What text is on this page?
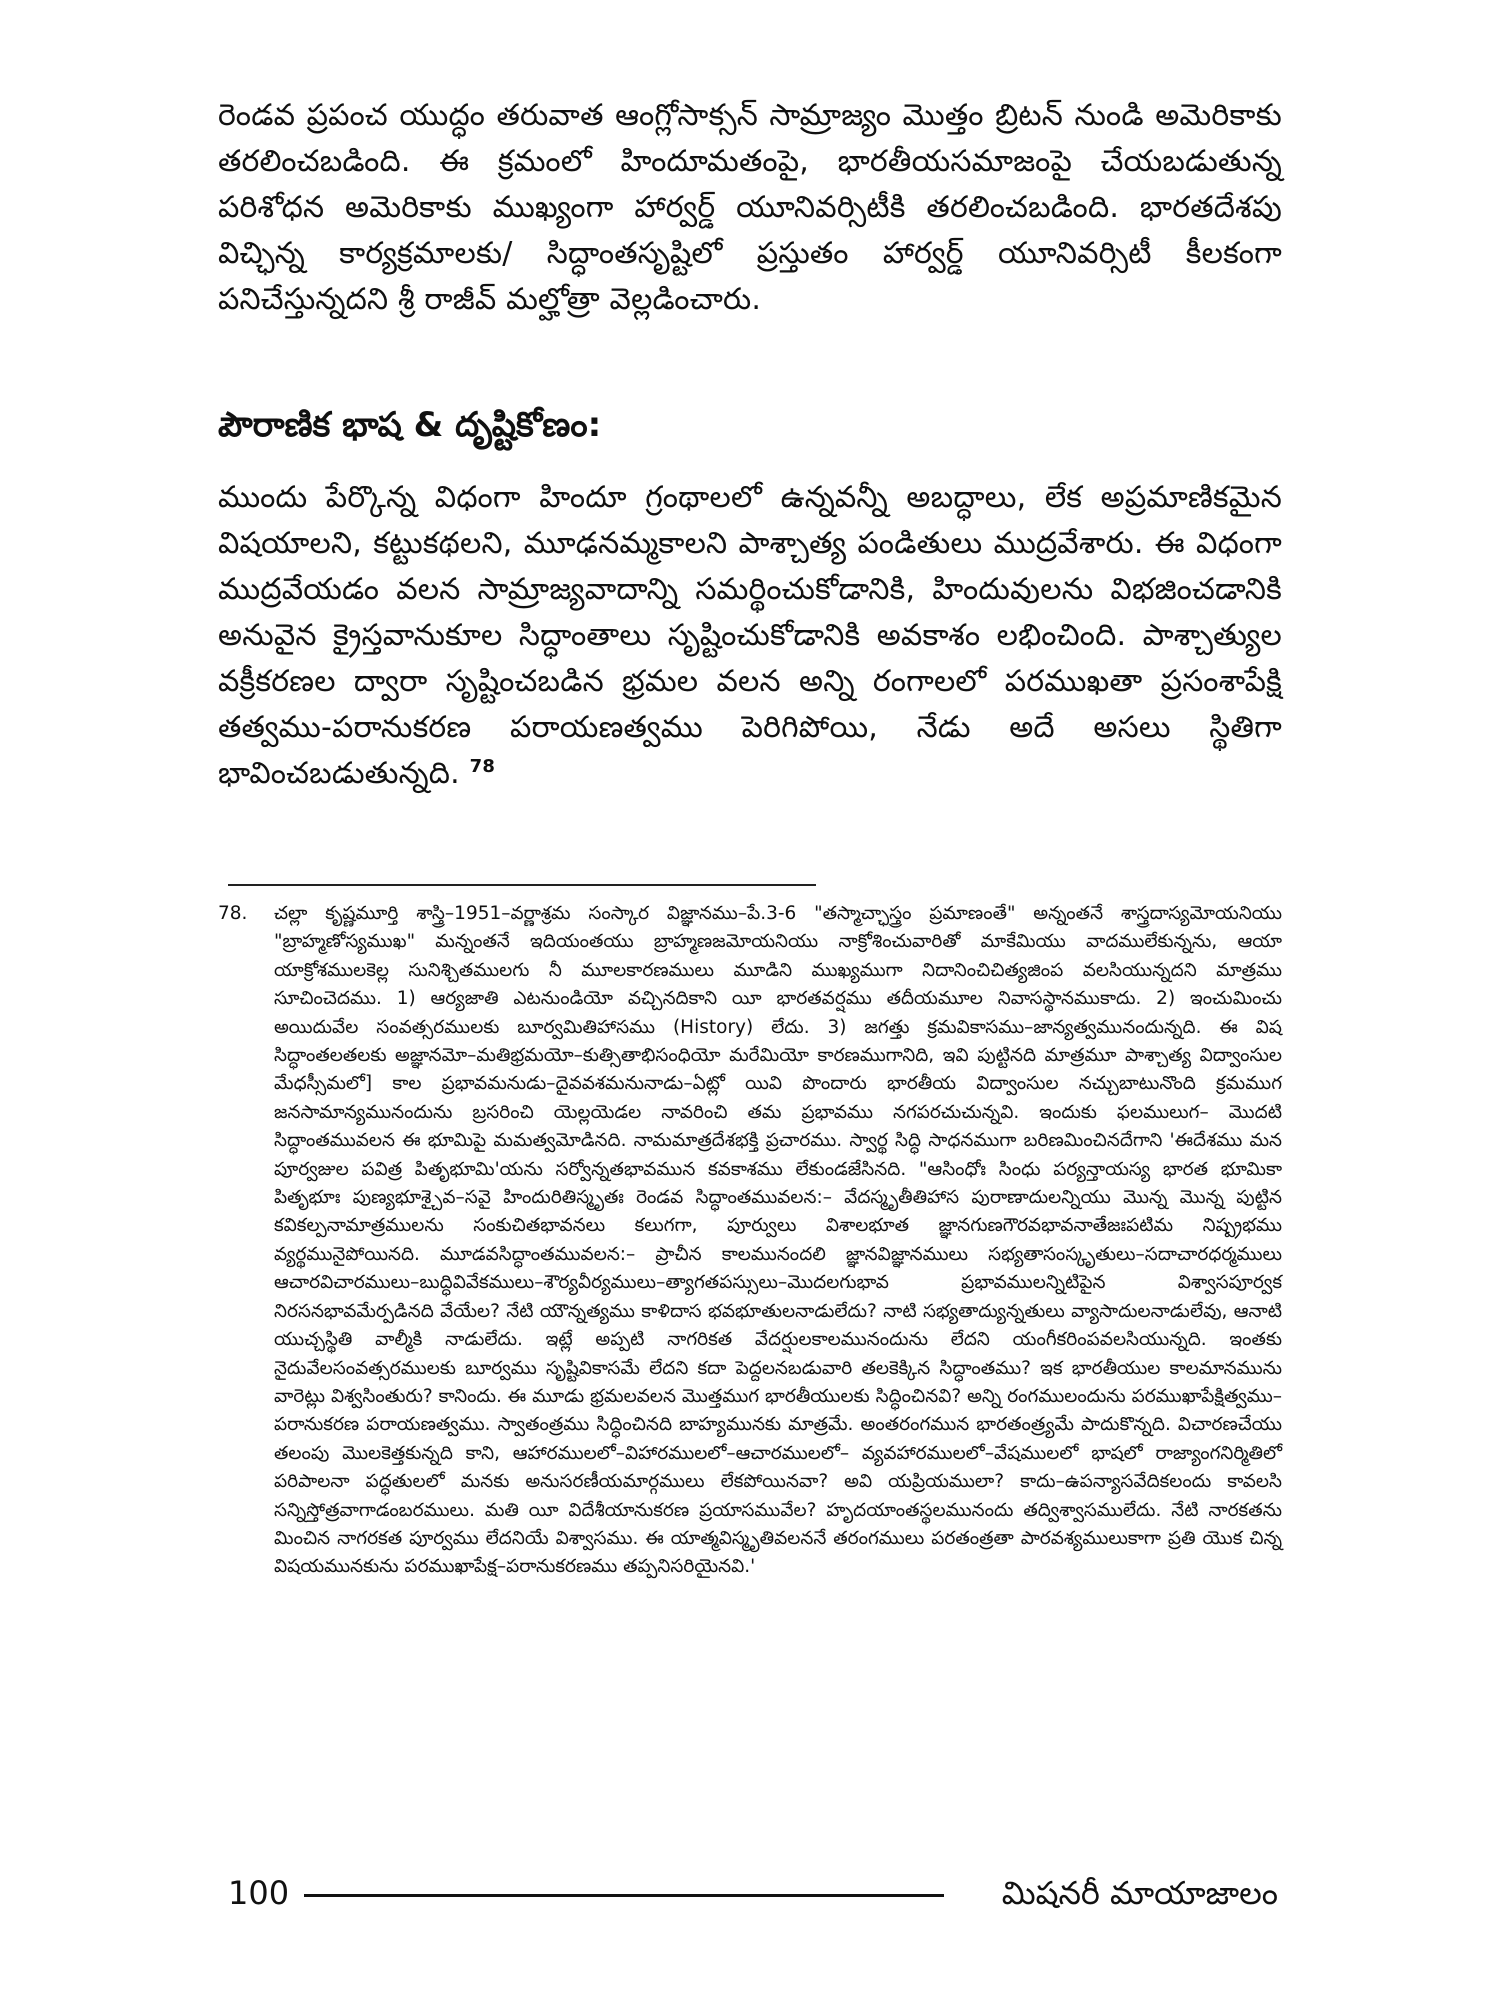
రెండవ ప్రపంచ యుద్ధం తరువాత ఆంగ్లోసాక్సన్ సామ్రాజ్యం మొత్తం బ్రిటన్ నుండి అమెరికాకు తరలించబడింది. ఈ క్రమంలో హిందూమతంపై, భారతీయసమాజంపై చేయబడుతున్న పరిశోధన అమెరికాకు ముఖ్యంగా హార్వర్డ్ యూనివర్సిటీకి తరలించబడింది. భారతదేశపు విచ్ఛిన్న కార్యక్రమాలకు/ సిద్ధాంతసృష్టిలో ప్రస్తుతం హార్వర్డ్ యూనివర్సిటీ కీలకంగా పనిచేస్తున్నదని శ్రీ రాజీవ్ మల్హోత్రా వెల్లడించారు.

పౌరాణిక భాష & దృష్టికోణం:

ముందు పేర్కొన్న విధంగా హిందూ గ్రంథాలలో ఉన్నవన్నీ అబద్ధాలు, లేక అప్రమాణికమైన విషయాలని, కట్టుకథలని, మూఢనమ్మకాలని పాశ్చాత్య పండితులు ముద్రవేశారు. ఈ విధంగా ముద్రవేయడం వలన సామ్రాజ్యవాదాన్ని సమర్థించుకోడానికి, హిందువులను విభజించడానికి అనువైన క్రైస్తవానుకూల సిద్ధాంతాలు సృష్టించుకోడానికి అవకాశం లభించింది. పాశ్చాత్యుల వక్రీకరణల ద్వారా సృష్టించబడిన భ్రమల వలన అన్ని రంగాలలో పరముఖతా ప్రసంశాపేక్షి తత్వము-పరానుకరణ పరాయణత్వము పెరిగిపోయి, నేడు అదే అసలు స్థితిగా భావించబడుతున్నది. $^{78}$

78.	చల్లా కృష్ణమూర్తి శాస్త్రి–1951–వర్ణాశ్రమ సంస్కార విజ్ఞానము–పే.3-6 "తస్మాచ్ఛాస్త్రం ప్రమాణంతే" అన్నంతనే శాస్త్రదాస్యమోయనియు "బ్రాహ్మణోస్యముఖ" మన్నంతనే ఇదియంతయు బ్రాహ్మణజమోయనియు నాక్రోశించువారితో మాకేమియు వాదములేకున్నను, ఆయా యాక్రోశములకెల్ల సునిశ్చితములగు నీ మూలకారణములు మూడిని ముఖ్యముగా నిదానించిచిత్యజింప వలసియున్నదని మాత్రము సూచించెదము. 1) ఆర్యజాతి ఎటనుండియో వచ్చినదికాని యీ భారతవర్షము తదీయమూల నివాసస్థానముకాదు. 2) ఇంచుమించు అయిదువేల సంవత్సరములకు బూర్వమితిహాసము (History) లేదు. 3) జగత్తు క్రమవికాసము–జాన్యత్వమునందున్నది. ఈ విష సిద్ధాంతలతలకు అజ్ఞానమో–మతిభ్రమయో–కుత్సితాభిసంధియో మరేమియో కారణముగానిది, ఇవి పుట్టినది మాత్రమూ పాశ్చాత్య విద్వాంసుల మేధస్సీమలో] కాల ప్రభావమనుడు–దైవవశమనునాడు–ఏట్లో యివి పొందారు భారతీయ విద్వాంసుల నచ్చుబాటునొంది క్రమముగ జనసామాన్యమునందును బ్రసరించి యెల్లయెడల నావరించి తమ ప్రభావము నగపరచుచున్నవి. ఇందుకు ఫలములుగ– మొదటి సిద్ధాంతమువలన ఈ భూమిపై మమత్వమోడినది. నామమాత్రదేశభక్తి ప్రచారము. స్వార్థ సిద్ధి సాధనముగా బరిణమించినదేగాని 'ఈదేశము మన పూర్వజుల పవిత్ర పితృభూమి'యను సర్వోన్నతభావమున కవకాశము లేకుండజేసినది. "ఆసింధోః సింధు పర్యన్తాయస్య భారత భూమికా పితృభూః పుణ్యభూశ్చైవ–సవై హిందురితిస్మృతః రెండవ సిద్ధాంతమువలన:– వేదస్మృతీతిహాస పురాణాదులన్నియు మొన్న మొన్న పుట్టిన కవికల్పనామాత్రములను సంకుచితభావనలు కలుగగా, పూర్వులు విశాలభూత జ్ఞానగుణగౌరవభావనాతేజఃపటిమ నిష్ప్రభము వ్యర్థమునైపోయినది. మూడవసిద్ధాంతమువలన:– ప్రాచీన కాలమునందలి జ్ఞానవిజ్ఞానములు సభ్యతాసంస్కృతులు–సదాచారధర్మములు ఆచారవిచారములు–బుద్ధివివేకములు–శౌర్యవీర్యములు–త్యాగతపస్సులు–మొదలగుభావ ప్రభావములన్నిటిపైన విశ్వాసపూర్వక నిరసనభావమేర్పడినది వేయేల? నేటి యౌన్నత్యము కాళిదాస భవభూతులనాడులేదు? నాటి సభ్యతాద్యున్నతులు వ్యాసాదులనాడులేవు, ఆనాటి యుచ్చస్థితి వాల్మీకి నాడులేదు. ఇట్లే అప్పటి నాగరికత వేదర్షులకాలమునందును లేదని యంగీకరింపవలసియున్నది. ఇంతకు నైదువేలసంవత్సరములకు బూర్వము సృష్టివికాసమే లేదని కదా పెద్దలనబడువారి తలకెక్కిన సిద్ధాంతము? ఇక భారతీయుల కాలమానమును వారెట్లు విశ్వసింతురు? కానిందు. ఈ మూడు భ్రమలవలన మొత్తముగ భారతీయులకు సిద్ధించినవి? అన్ని రంగములందును పరముఖాపేక్షిత్వము– పరానుకరణ పరాయణత్వము. స్వాతంత్రము సిద్ధించినది బాహ్యమునకు మాత్రమే. అంతరంగమున భారతంత్ర్యమే పాదుకొన్నది. విచారణచేయు తలంపు మొలకెత్తకున్నది కాని, ఆహారములలో–విహారములలో–ఆచారములలో– వ్యవహారములలో–వేషములలో భాషలో రాజ్యాంగనిర్మితిలో పరిపాలనా పద్ధతులలో మనకు అనుసరణీయమార్గములు లేకపోయినవా? అవి యప్రియములా? కాదు–ఉపన్యాసవేదికలందు కావలసి సన్నిస్తోత్రవాగాడంబరములు. మతి యీ విదేశీయానుకరణ ప్రయాసమువేల? హృదయాంతస్థలమునందు తద్విశ్వాసములేదు. నేటి నారకతను మించిన నాగరకత పూర్వము లేదనియే విశ్వాసము. ఈ యాత్మవిస్మృతివలననే తరంగములు పరతంత్రతా పారవశ్యములుకాగా ప్రతి యొక చిన్న విషయమునకును పరముఖాపేక్ష–పరానుకరణము తప్పనిసరియైనవి.'
100	మిషనరీ మాయాజాలం
